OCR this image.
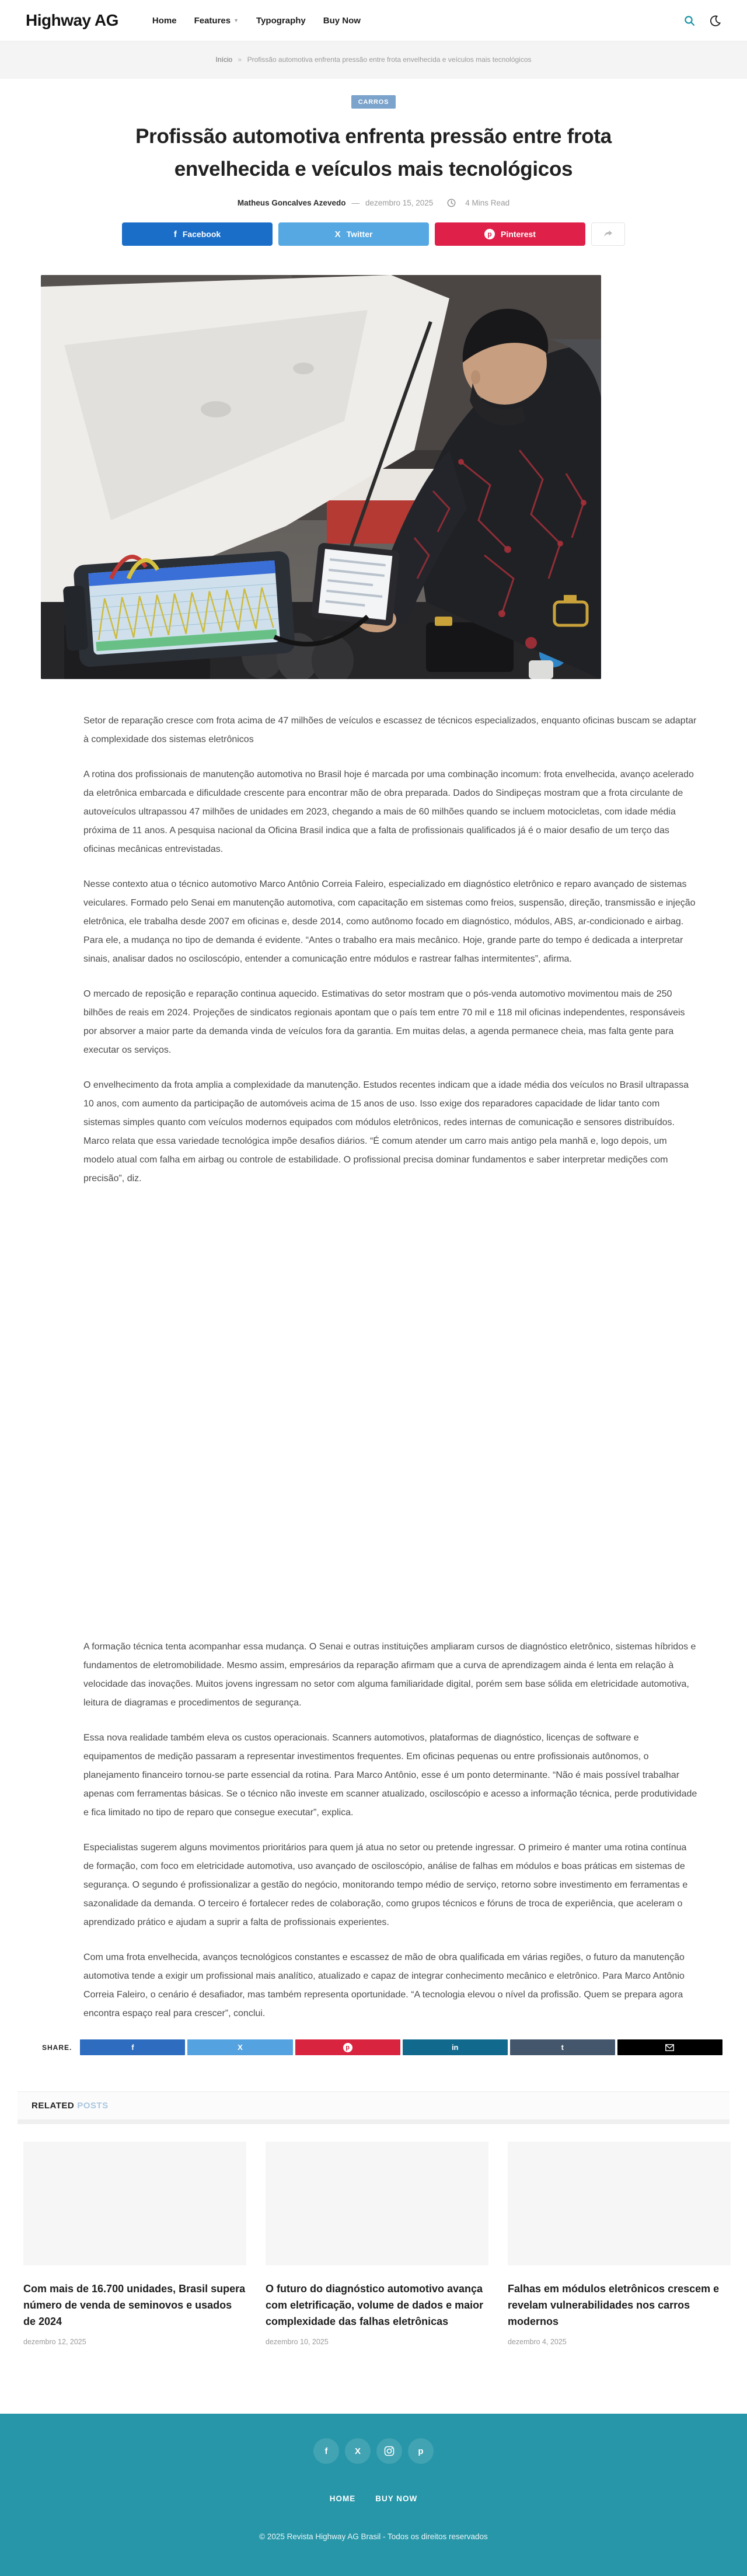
Highway AG	Home Features ▼ Typography Buy Now
Início » Profissão automotiva enfrenta pressão entre frota envelhecida e veículos mais tecnológicos
CARROS
Profissão automotiva enfrenta pressão entre frota envelhecida e veículos mais tecnológicos
Matheus Goncalves Azevedo — dezembro 15, 2025	4 Mins Read
f Facebook	X Twitter	p	Pinterest

Setor de reparação cresce com frota acima de 47 milhões de veículos e escassez de técnicos especializados, enquanto oficinas buscam se adaptar à complexidade dos sistemas eletrônicos

A rotina dos profissionais de manutenção automotiva no Brasil hoje é marcada por uma combinação incomum: frota envelhecida, avanço acelerado da eletrônica embarcada e dificuldade crescente para encontrar mão de obra preparada. Dados do Sindipeças mostram que a frota circulante de autoveículos ultrapassou 47 milhões de unidades em 2023, chegando a mais de 60 milhões quando se incluem motocicletas, com idade média próxima de 11 anos. A pesquisa nacional da Oficina Brasil indica que a falta de profissionais qualificados já é o maior desafio de um terço das oficinas mecânicas entrevistadas.

Nesse contexto atua o técnico automotivo Marco Antônio Correia Faleiro, especializado em diagnóstico eletrônico e reparo avançado de sistemas veiculares. Formado pelo Senai em manutenção automotiva, com capacitação em sistemas como freios, suspensão, direção, transmissão e injeção eletrônica, ele trabalha desde 2007 em oficinas e, desde 2014, como autônomo focado em diagnóstico, módulos, ABS, ar-condicionado e airbag. Para ele, a mudança no tipo de demanda é evidente. “Antes o trabalho era mais mecânico. Hoje, grande parte do tempo é dedicada a interpretar sinais, analisar dados no osciloscópio, entender a comunicação entre módulos e rastrear falhas intermitentes”, afirma.

O mercado de reposição e reparação continua aquecido. Estimativas do setor mostram que o pós-venda automotivo movimentou mais de 250 bilhões de reais em 2024. Projeções de sindicatos regionais apontam que o país tem entre 70 mil e 118 mil oficinas independentes, responsáveis por absorver a maior parte da demanda vinda de veículos fora da garantia. Em muitas delas, a agenda permanece cheia, mas falta gente para executar os serviços.

O envelhecimento da frota amplia a complexidade da manutenção. Estudos recentes indicam que a idade média dos veículos no Brasil ultrapassa 10 anos, com aumento da participação de automóveis acima de 15 anos de uso. Isso exige dos reparadores capacidade de lidar tanto com sistemas simples quanto com veículos modernos equipados com módulos eletrônicos, redes internas de comunicação e sensores distribuídos. Marco relata que essa variedade tecnológica impõe desafios diários. “É comum atender um carro mais antigo pela manhã e, logo depois, um modelo atual com falha em airbag ou controle de estabilidade. O profissional precisa dominar fundamentos e saber interpretar medições com precisão”, diz.

A formação técnica tenta acompanhar essa mudança. O Senai e outras instituições ampliaram cursos de diagnóstico eletrônico, sistemas híbridos e fundamentos de eletromobilidade. Mesmo assim, empresários da reparação afirmam que a curva de aprendizagem ainda é lenta em relação à velocidade das inovações. Muitos jovens ingressam no setor com alguma familiaridade digital, porém sem base sólida em eletricidade automotiva, leitura de diagramas e procedimentos de segurança.

Essa nova realidade também eleva os custos operacionais. Scanners automotivos, plataformas de diagnóstico, licenças de software e equipamentos de medição passaram a representar investimentos frequentes. Em oficinas pequenas ou entre profissionais autônomos, o planejamento financeiro tornou-se parte essencial da rotina. Para Marco Antônio, esse é um ponto determinante. “Não é mais possível trabalhar apenas com ferramentas básicas. Se o técnico não investe em scanner atualizado, osciloscópio e acesso a informação técnica, perde produtividade e fica limitado no tipo de reparo que consegue executar”, explica.

Especialistas sugerem alguns movimentos prioritários para quem já atua no setor ou pretende ingressar. O primeiro é manter uma rotina contínua de formação, com foco em eletricidade automotiva, uso avançado de osciloscópio, análise de falhas em módulos e boas práticas em sistemas de segurança. O segundo é profissionalizar a gestão do negócio, monitorando tempo médio de serviço, retorno sobre investimento em ferramentas e sazonalidade da demanda. O terceiro é fortalecer redes de colaboração, como grupos técnicos e fóruns de troca de experiência, que aceleram o aprendizado prático e ajudam a suprir a falta de profissionais experientes.

Com uma frota envelhecida, avanços tecnológicos constantes e escassez de mão de obra qualificada em várias regiões, o futuro da manutenção automotiva tende a exigir um profissional mais analítico, atualizado e capaz de integrar conhecimento mecânico e eletrônico. Para Marco Antônio Correia Faleiro, o cenário é desafiador, mas também representa oportunidade. “A tecnologia elevou o nível da profissão. Quem se prepara agora encontra espaço real para crescer”, conclui.

SHARE.	f	X	p	in	t
RELATED POSTS
Com mais de 16.700 unidades, Brasil supera número de venda de seminovos e usados de 2024
dezembro 12, 2025
O futuro do diagnóstico automotivo avança com eletrificação, volume de dados e maior complexidade das falhas eletrônicas
dezembro 10, 2025
Falhas em módulos eletrônicos crescem e revelam vulnerabilidades nos carros modernos
dezembro 4, 2025
f	X	p
HOME	BUY NOW
© 2025 Revista Highway AG Brasil - Todos os direitos reservados
